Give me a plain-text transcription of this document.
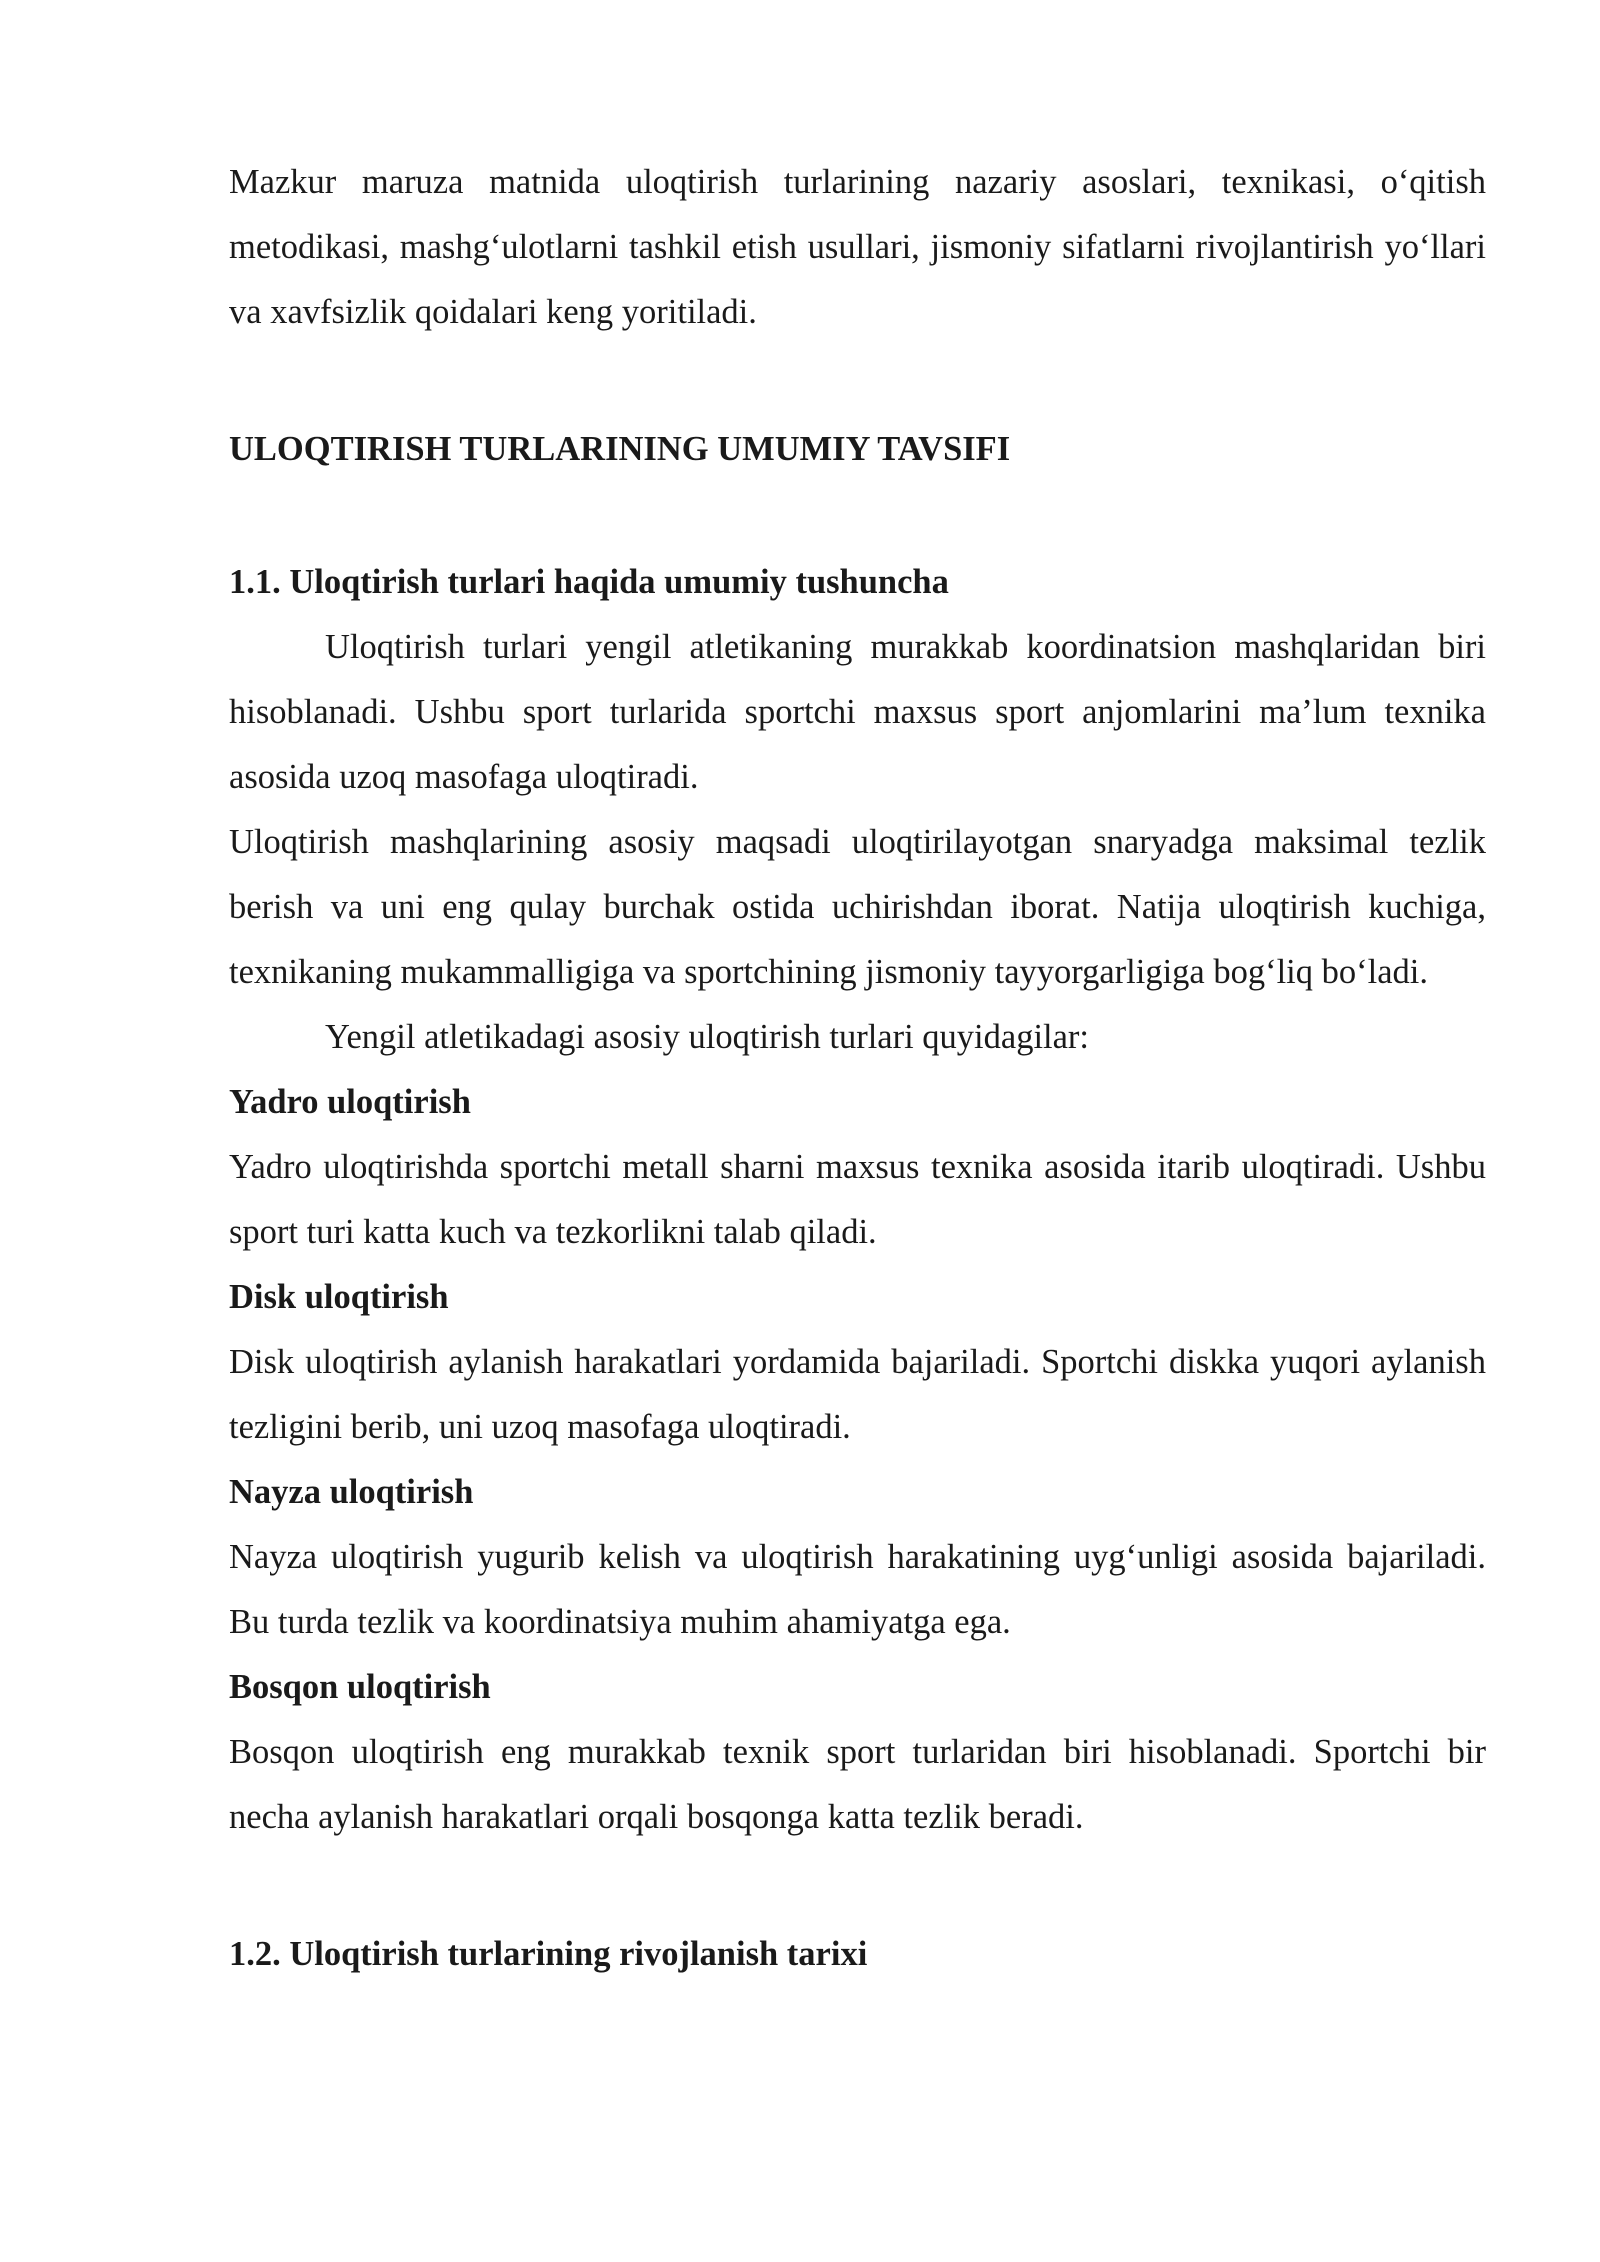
Mazkur maruza matnida uloqtirish turlarining nazariy asoslari, texnikasi, o‘qitish metodikasi, mashg‘ulotlarni tashkil etish usullari, jismoniy sifatlarni rivojlantirish yo‘llari va xavfsizlik qoidalari keng yoritiladi.

ULOQTIRISH TURLARINING UMUMIY TAVSIFI

1.1. Uloqtirish turlari haqida umumiy tushuncha

Uloqtirish turlari yengil atletikaning murakkab koordinatsion mashqlaridan biri hisoblanadi. Ushbu sport turlarida sportchi maxsus sport anjomlarini ma’lum texnika asosida uzoq masofaga uloqtiradi.

Uloqtirish mashqlarining asosiy maqsadi uloqtirilayotgan snaryadga maksimal tezlik berish va uni eng qulay burchak ostida uchirishdan iborat. Natija uloqtirish kuchiga, texnikaning mukammalligiga va sportchining jismoniy tayyorgarligiga bog‘liq bo‘ladi.

Yengil atletikadagi asosiy uloqtirish turlari quyidagilar:

Yadro uloqtirish

Yadro uloqtirishda sportchi metall sharni maxsus texnika asosida itarib uloqtiradi. Ushbu sport turi katta kuch va tezkorlikni talab qiladi.

Disk uloqtirish

Disk uloqtirish aylanish harakatlari yordamida bajariladi. Sportchi diskka yuqori aylanish tezligini berib, uni uzoq masofaga uloqtiradi.

Nayza uloqtirish

Nayza uloqtirish yugurib kelish va uloqtirish harakatining uyg‘unligi asosida bajariladi. Bu turda tezlik va koordinatsiya muhim ahamiyatga ega.

Bosqon uloqtirish

Bosqon uloqtirish eng murakkab texnik sport turlaridan biri hisoblanadi. Sportchi bir necha aylanish harakatlari orqali bosqonga katta tezlik beradi.

1.2. Uloqtirish turlarining rivojlanish tarixi
